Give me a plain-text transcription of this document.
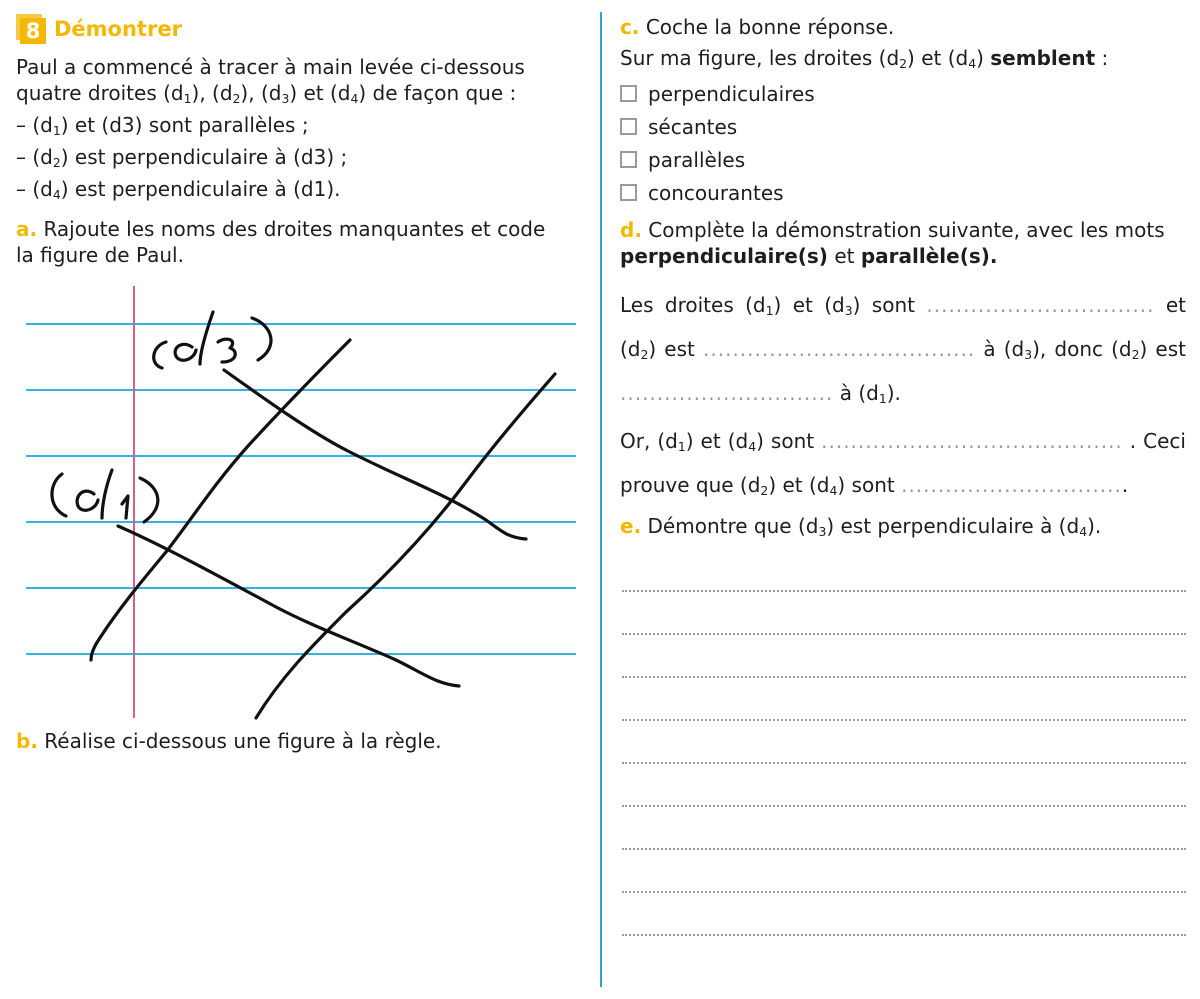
8 Démontrer

Paul a commencé à tracer à main levée ci-dessous
quatre droites $(d_1)$, $(d_2)$, $(d_3)$ et $(d_4)$ de façon que :

– $(d_1)$ et (d3) sont parallèles ;
– $(d_2)$ est perpendiculaire à (d3) ;
– $(d_4)$ est perpendiculaire à (d1).

a. Rajoute les noms des droites manquantes et code
la figure de Paul.

b. Réalise ci-dessous une figure à la règle.

c. Coche la bonne réponse.

Sur ma figure, les droites $(d_2)$ et $(d_4)$ semblent :

perpendiculaires
sécantes
parallèles
concourantes

d. Complète la démonstration suivante, avec les mots
perpendiculaire(s) et parallèle(s).

Les droites $(d_1)$ et $(d_3)$ sont ............................... et $(d_2)$ est ..................................... à $(d_3)$, donc $(d_2)$ est ............................. à $(d_1)$.

Or, $(d_1)$ et $(d_4)$ sont ......................................... . Ceci prouve que $(d_2)$ et $(d_4)$ sont ...............................

e. Démontre que $(d_3)$ est perpendiculaire à $(d_4)$.
